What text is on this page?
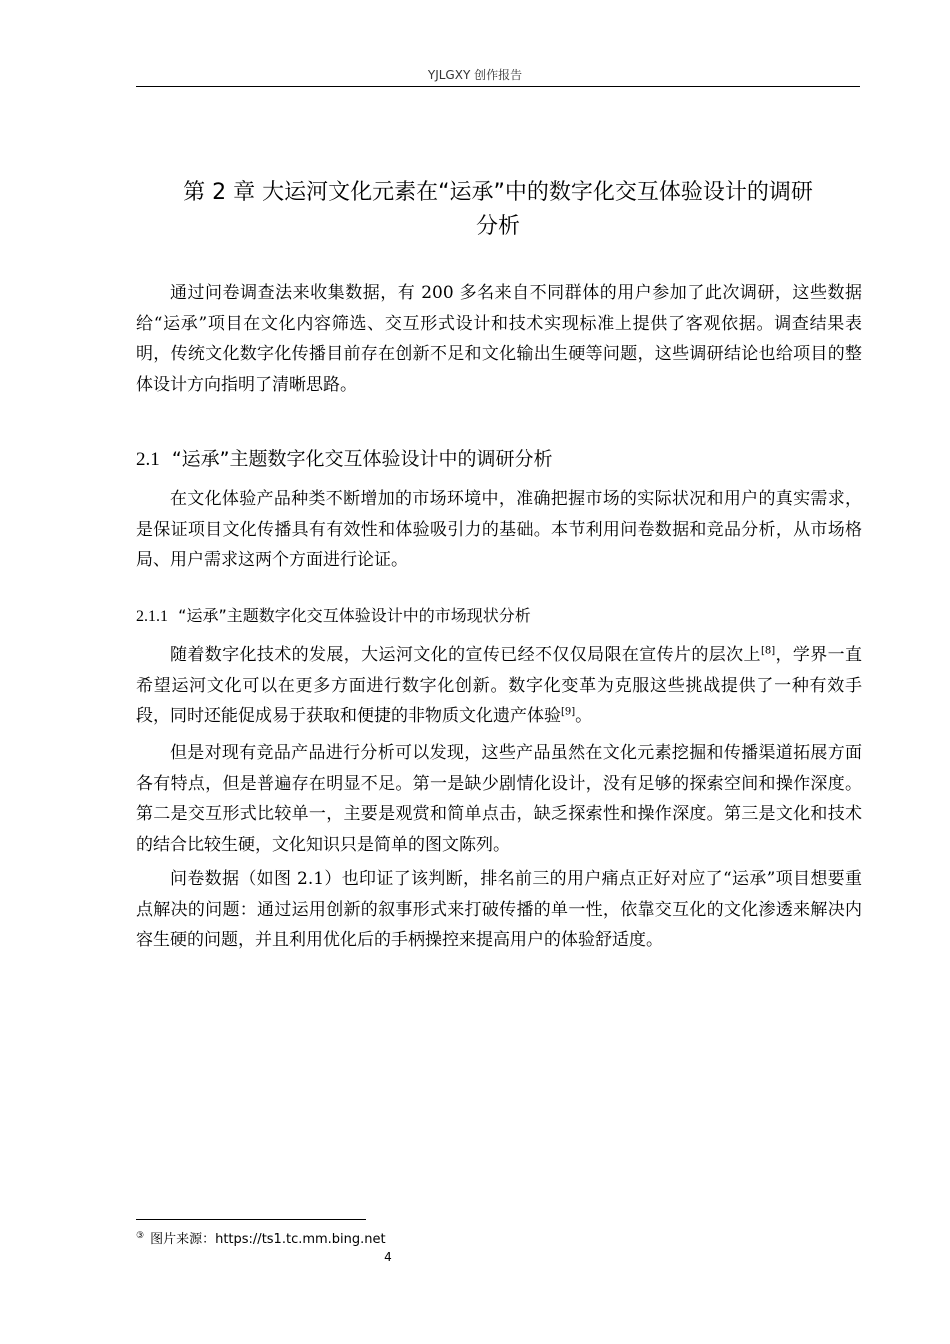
YJLGXY 创作报告
第 2 章 大运河文化元素在“运承”中的数字化交互体验设计的调研
分析

通过问卷调查法来收集数据，有 200 多名来自不同群体的用户参加了此次调研，这些数据给“运承”项目在文化内容筛选、交互形式设计和技术实现标准上提供了客观依据。调查结果表明，传统文化数字化传播目前存在创新不足和文化输出生硬等问题，这些调研结论也给项目的整体设计方向指明了清晰思路。

2.1 “运承”主题数字化交互体验设计中的调研分析

在文化体验产品种类不断增加的市场环境中，准确把握市场的实际状况和用户的真实需求，是保证项目文化传播具有有效性和体验吸引力的基础。本节利用问卷数据和竞品分析，从市场格局、用户需求这两个方面进行论证。

2.1.1 “运承”主题数字化交互体验设计中的市场现状分析

随着数字化技术的发展，大运河文化的宣传已经不仅仅局限在宣传片的层次上[8]，学界一直希望运河文化可以在更多方面进行数字化创新。数字化变革为克服这些挑战提供了一种有效手段，同时还能促成易于获取和便捷的非物质文化遗产体验[9]。

但是对现有竞品产品进行分析可以发现，这些产品虽然在文化元素挖掘和传播渠道拓展方面各有特点，但是普遍存在明显不足。第一是缺少剧情化设计，没有足够的探索空间和操作深度。第二是交互形式比较单一，主要是观赏和简单点击，缺乏探索性和操作深度。第三是文化和技术的结合比较生硬，文化知识只是简单的图文陈列。

问卷数据（如图 2.1）也印证了该判断，排名前三的用户痛点正好对应了“运承”项目想要重点解决的问题：通过运用创新的叙事形式来打破传播的单一性，依靠交互化的文化渗透来解决内容生硬的问题，并且利用优化后的手柄操控来提高用户的体验舒适度。

③ 图片来源：https://ts1.tc.mm.bing.net
4
